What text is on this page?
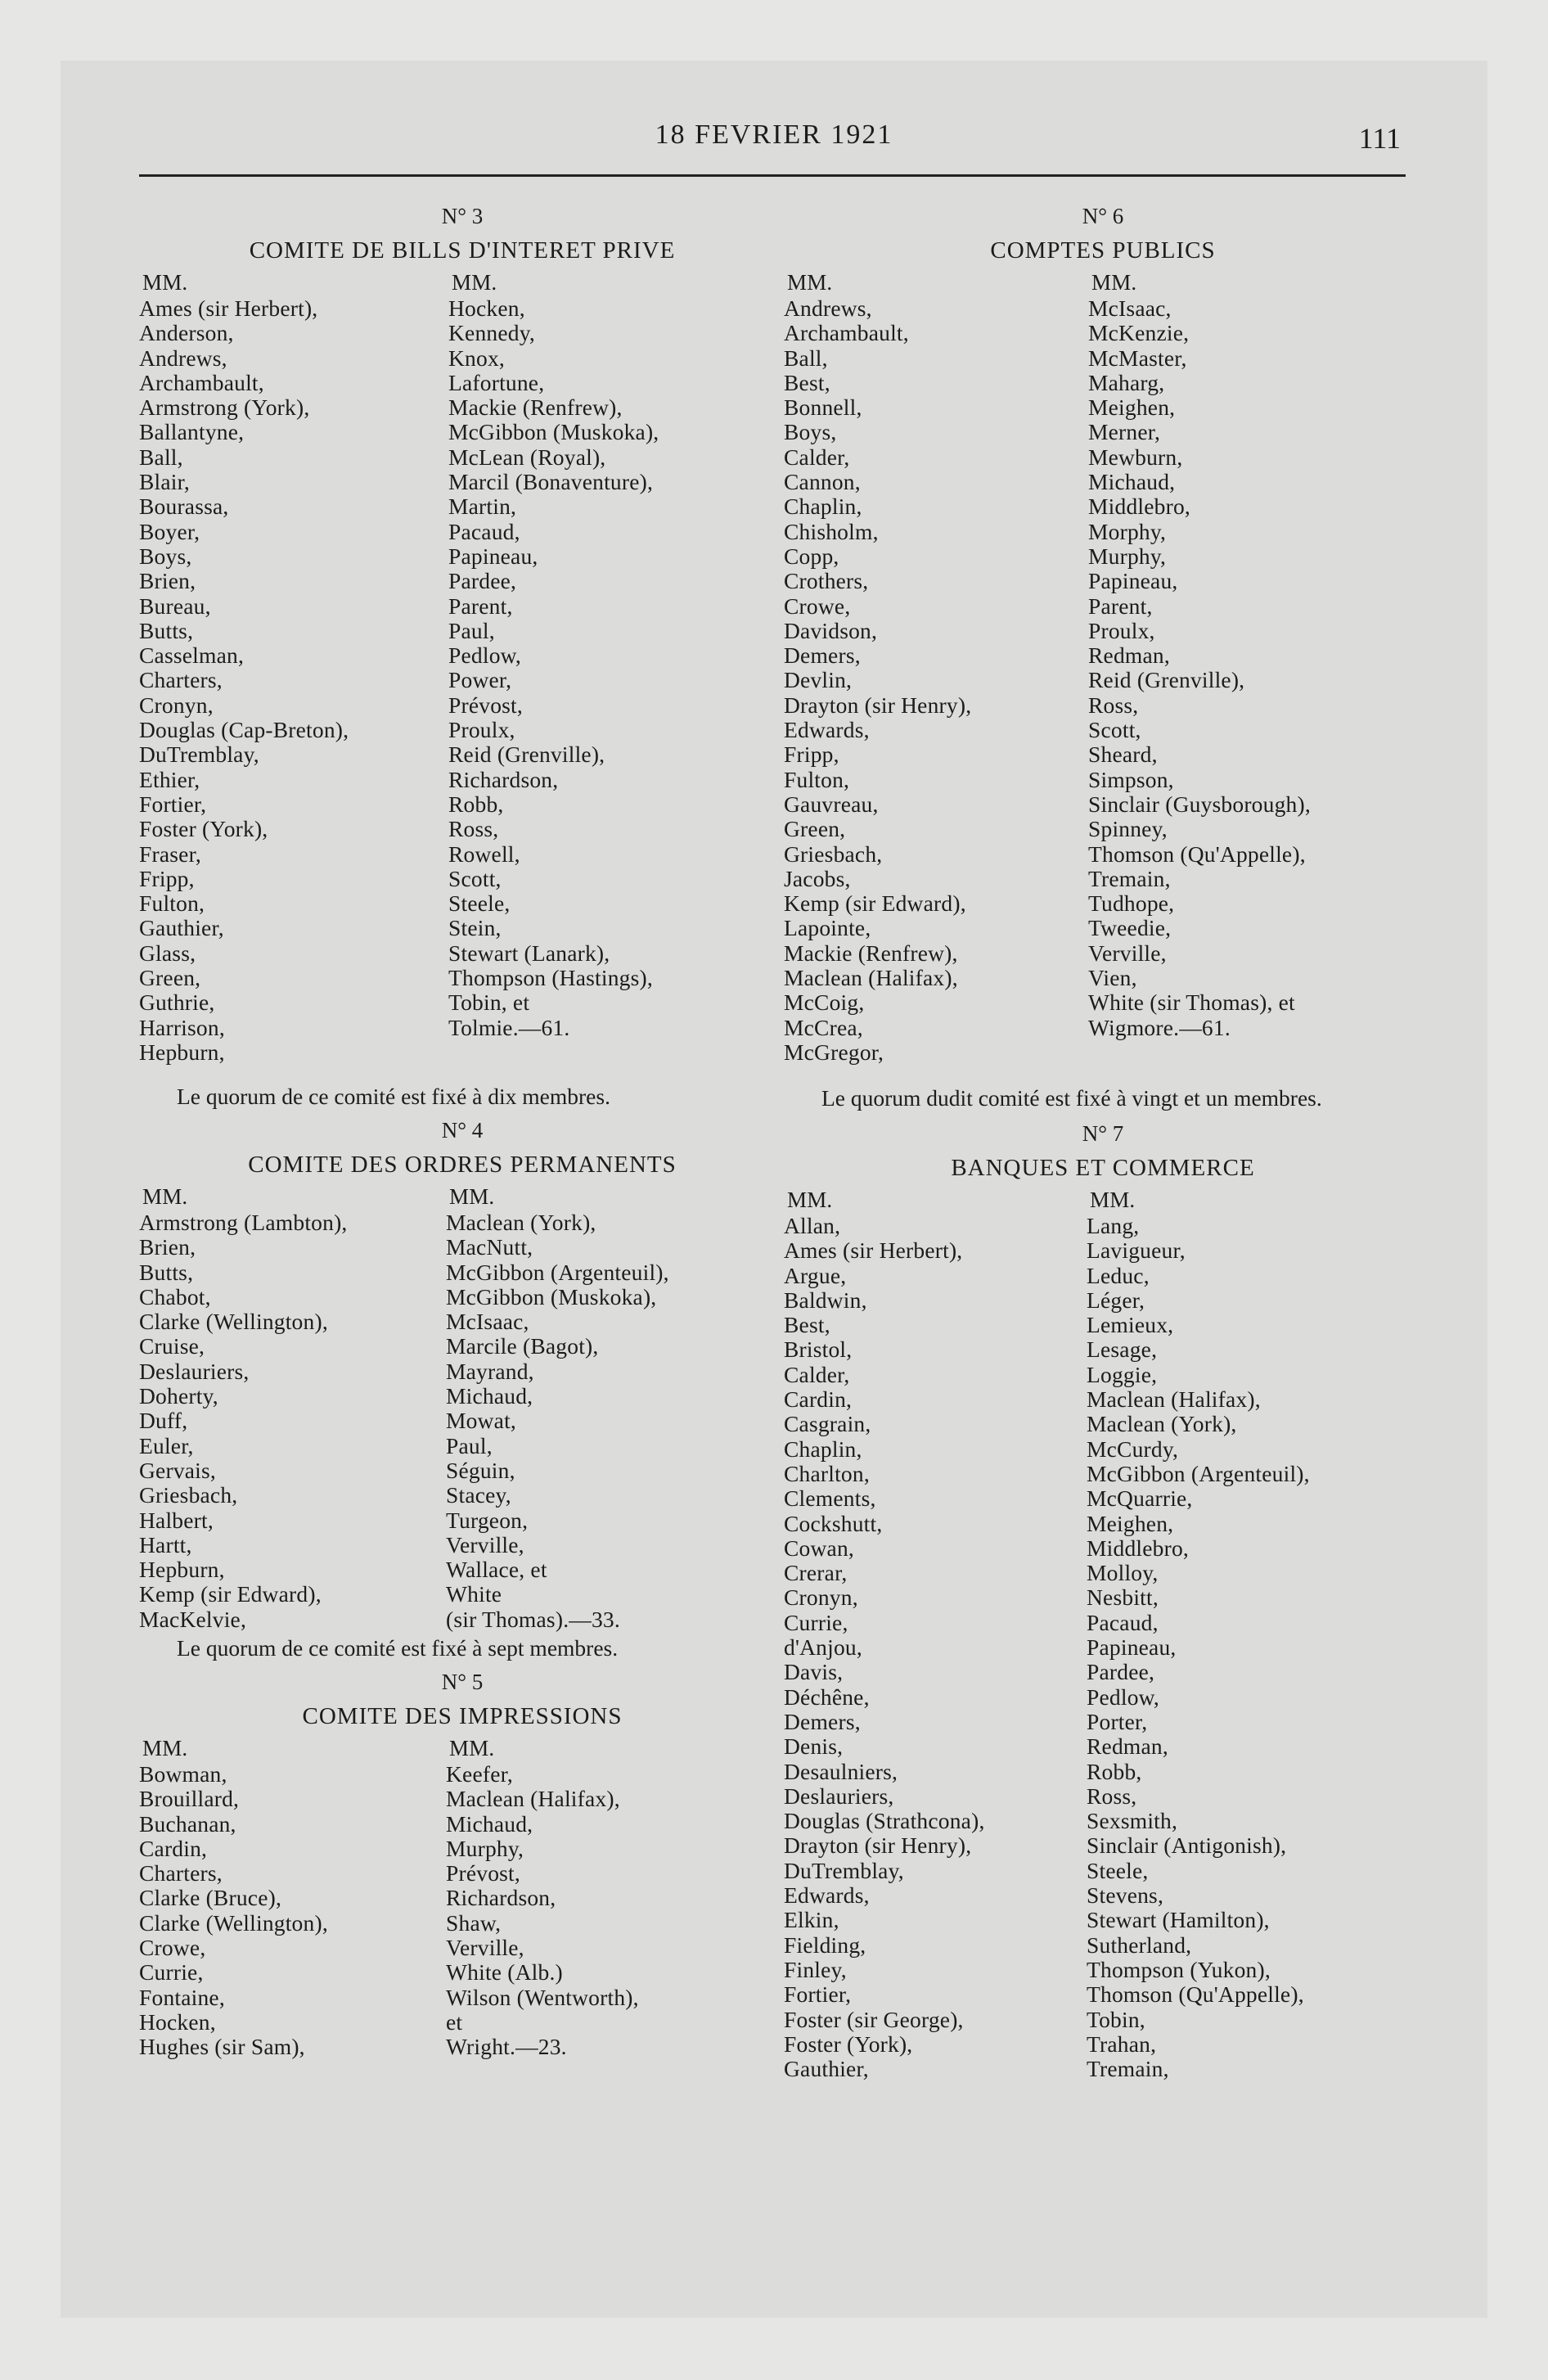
18 FEVRIER 1921	111
N° 3
COMITE DE BILLS D'INTERET PRIVE
MM.
Ames (sir Herbert),
Anderson,
Andrews,
Archambault,
Armstrong (York),
Ballantyne,
Ball,
Blair,
Bourassa,
Boyer,
Boys,
Brien,
Bureau,
Butts,
Casselman,
Charters,
Cronyn,
Douglas (Cap-Breton),
DuTremblay,
Ethier,
Fortier,
Foster (York),
Fraser,
Fripp,
Fulton,
Gauthier,
Glass,
Green,
Guthrie,
Harrison,
Hepburn,
MM.
Hocken,
Kennedy,
Knox,
Lafortune,
Mackie (Renfrew),
McGibbon (Muskoka),
McLean (Royal),
Marcil (Bonaventure),
Martin,
Pacaud,
Papineau,
Pardee,
Parent,
Paul,
Pedlow,
Power,
Prévost,
Proulx,
Reid (Grenville),
Richardson,
Robb,
Ross,
Rowell,
Scott,
Steele,
Stein,
Stewart (Lanark),
Thompson (Hastings),
Tobin, et
Tolmie.—61.

Le quorum de ce comité est fixé à dix membres.

N° 4
COMITE DES ORDRES PERMANENTS
MM.
Armstrong (Lambton),
Brien,
Butts,
Chabot,
Clarke (Wellington),
Cruise,
Deslauriers,
Doherty,
Duff,
Euler,
Gervais,
Griesbach,
Halbert,
Hartt,
Hepburn,
Kemp (sir Edward),
MacKelvie,
MM.
Maclean (York),
MacNutt,
McGibbon (Argenteuil),
McGibbon (Muskoka),
McIsaac,
Marcile (Bagot),
Mayrand,
Michaud,
Mowat,
Paul,
Séguin,
Stacey,
Turgeon,
Verville,
Wallace, et
White
(sir Thomas).—33.

Le quorum de ce comité est fixé à sept membres.

N° 5
COMITE DES IMPRESSIONS
MM.
Bowman,
Brouillard,
Buchanan,
Cardin,
Charters,
Clarke (Bruce),
Clarke (Wellington),
Crowe,
Currie,
Fontaine,
Hocken,
Hughes (sir Sam),
MM.
Keefer,
Maclean (Halifax),
Michaud,
Murphy,
Prévost,
Richardson,
Shaw,
Verville,
White (Alb.)
Wilson (Wentworth),
et
Wright.—23.
N° 6
COMPTES PUBLICS
MM.
Andrews,
Archambault,
Ball,
Best,
Bonnell,
Boys,
Calder,
Cannon,
Chaplin,
Chisholm,
Copp,
Crothers,
Crowe,
Davidson,
Demers,
Devlin,
Drayton (sir Henry),
Edwards,
Fripp,
Fulton,
Gauvreau,
Green,
Griesbach,
Jacobs,
Kemp (sir Edward),
Lapointe,
Mackie (Renfrew),
Maclean (Halifax),
McCoig,
McCrea,
McGregor,
MM.
McIsaac,
McKenzie,
McMaster,
Maharg,
Meighen,
Merner,
Mewburn,
Michaud,
Middlebro,
Morphy,
Murphy,
Papineau,
Parent,
Proulx,
Redman,
Reid (Grenville),
Ross,
Scott,
Sheard,
Simpson,
Sinclair (Guysborough),
Spinney,
Thomson (Qu'Appelle),
Tremain,
Tudhope,
Tweedie,
Verville,
Vien,
White (sir Thomas), et
Wigmore.—61.

Le quorum dudit comité est fixé à vingt et un membres.

N° 7
BANQUES ET COMMERCE
MM.
Allan,
Ames (sir Herbert),
Argue,
Baldwin,
Best,
Bristol,
Calder,
Cardin,
Casgrain,
Chaplin,
Charlton,
Clements,
Cockshutt,
Cowan,
Crerar,
Cronyn,
Currie,
d'Anjou,
Davis,
Déchêne,
Demers,
Denis,
Desaulniers,
Deslauriers,
Douglas (Strathcona),
Drayton (sir Henry),
DuTremblay,
Edwards,
Elkin,
Fielding,
Finley,
Fortier,
Foster (sir George),
Foster (York),
Gauthier,
MM.
Lang,
Lavigueur,
Leduc,
Léger,
Lemieux,
Lesage,
Loggie,
Maclean (Halifax),
Maclean (York),
McCurdy,
McGibbon (Argenteuil),
McQuarrie,
Meighen,
Middlebro,
Molloy,
Nesbitt,
Pacaud,
Papineau,
Pardee,
Pedlow,
Porter,
Redman,
Robb,
Ross,
Sexsmith,
Sinclair (Antigonish),
Steele,
Stevens,
Stewart (Hamilton),
Sutherland,
Thompson (Yukon),
Thomson (Qu'Appelle),
Tobin,
Trahan,
Tremain,
